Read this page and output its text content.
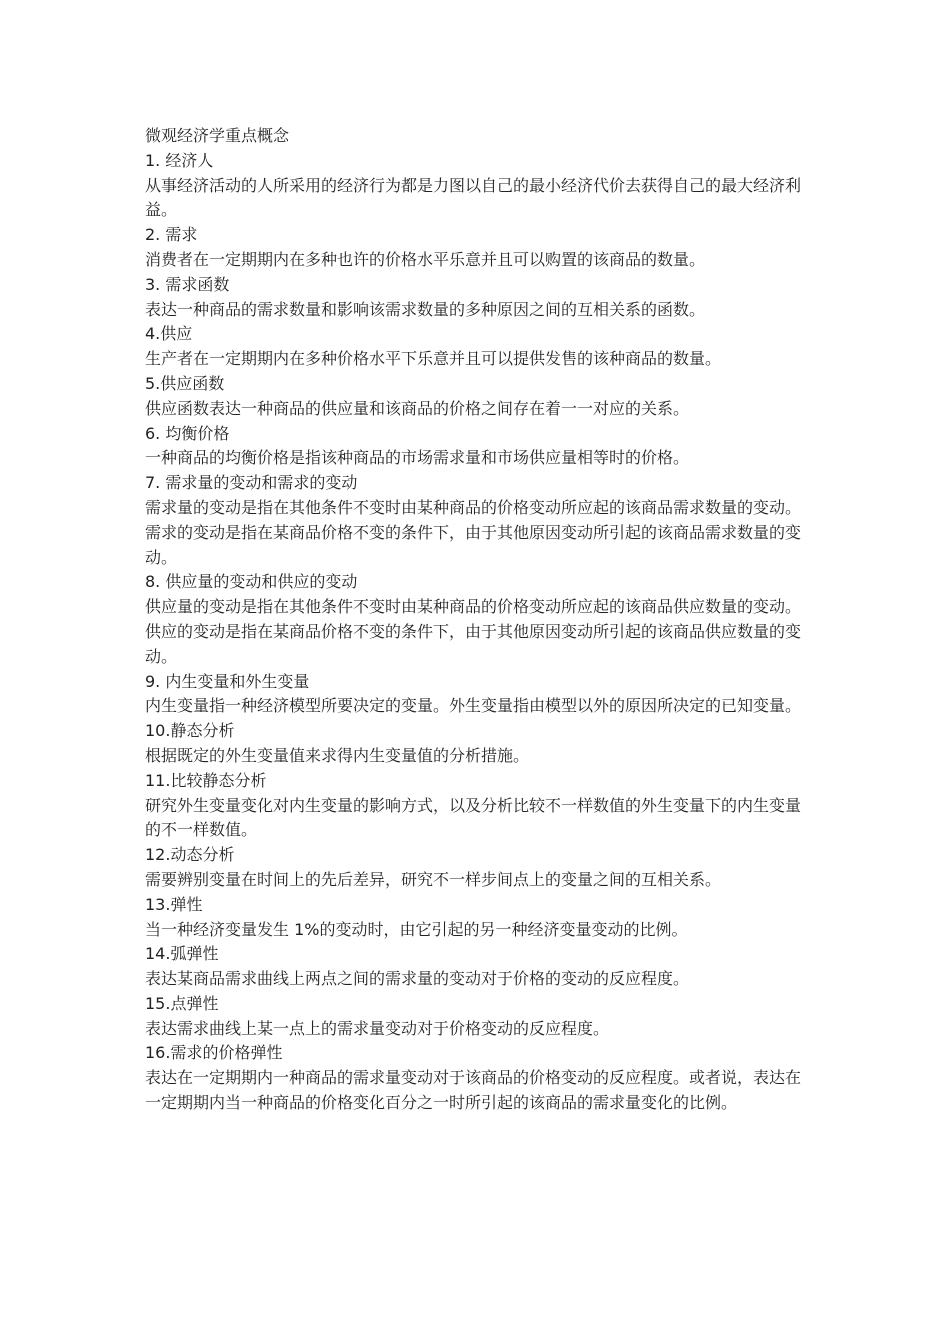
微观经济学重点概念
1. 经济人
从事经济活动的人所采用的经济行为都是力图以自己的最小经济代价去获得自己的最大经济利益。
2. 需求
消费者在一定期期内在多种也许的价格水平乐意并且可以购置的该商品的数量。
3. 需求函数
表达一种商品的需求数量和影响该需求数量的多种原因之间的互相关系的函数。
4.供应
生产者在一定期期内在多种价格水平下乐意并且可以提供发售的该种商品的数量。
5.供应函数
供应函数表达一种商品的供应量和该商品的价格之间存在着一一对应的关系。
6. 均衡价格
一种商品的均衡价格是指该种商品的市场需求量和市场供应量相等时的价格。
7. 需求量的变动和需求的变动
需求量的变动是指在其他条件不变时由某种商品的价格变动所应起的该商品需求数量的变动。需求的变动是指在某商品价格不变的条件下，由于其他原因变动所引起的该商品需求数量的变动。
8. 供应量的变动和供应的变动
供应量的变动是指在其他条件不变时由某种商品的价格变动所应起的该商品供应数量的变动。供应的变动是指在某商品价格不变的条件下，由于其他原因变动所引起的该商品供应数量的变动。
9. 内生变量和外生变量
内生变量指一种经济模型所要决定的变量。外生变量指由模型以外的原因所决定的已知变量。
10.静态分析
根据既定的外生变量值来求得内生变量值的分析措施。
11.比较静态分析
研究外生变量变化对内生变量的影响方式，以及分析比较不一样数值的外生变量下的内生变量的不一样数值。
12.动态分析
需要辨别变量在时间上的先后差异，研究不一样步间点上的变量之间的互相关系。
13.弹性
当一种经济变量发生 1%的变动时，由它引起的另一种经济变量变动的比例。
14.弧弹性
表达某商品需求曲线上两点之间的需求量的变动对于价格的变动的反应程度。
15.点弹性
表达需求曲线上某一点上的需求量变动对于价格变动的反应程度。
16.需求的价格弹性
表达在一定期期内一种商品的需求量变动对于该商品的价格变动的反应程度。或者说，表达在一定期期内当一种商品的价格变化百分之一时所引起的该商品的需求量变化的比例。
